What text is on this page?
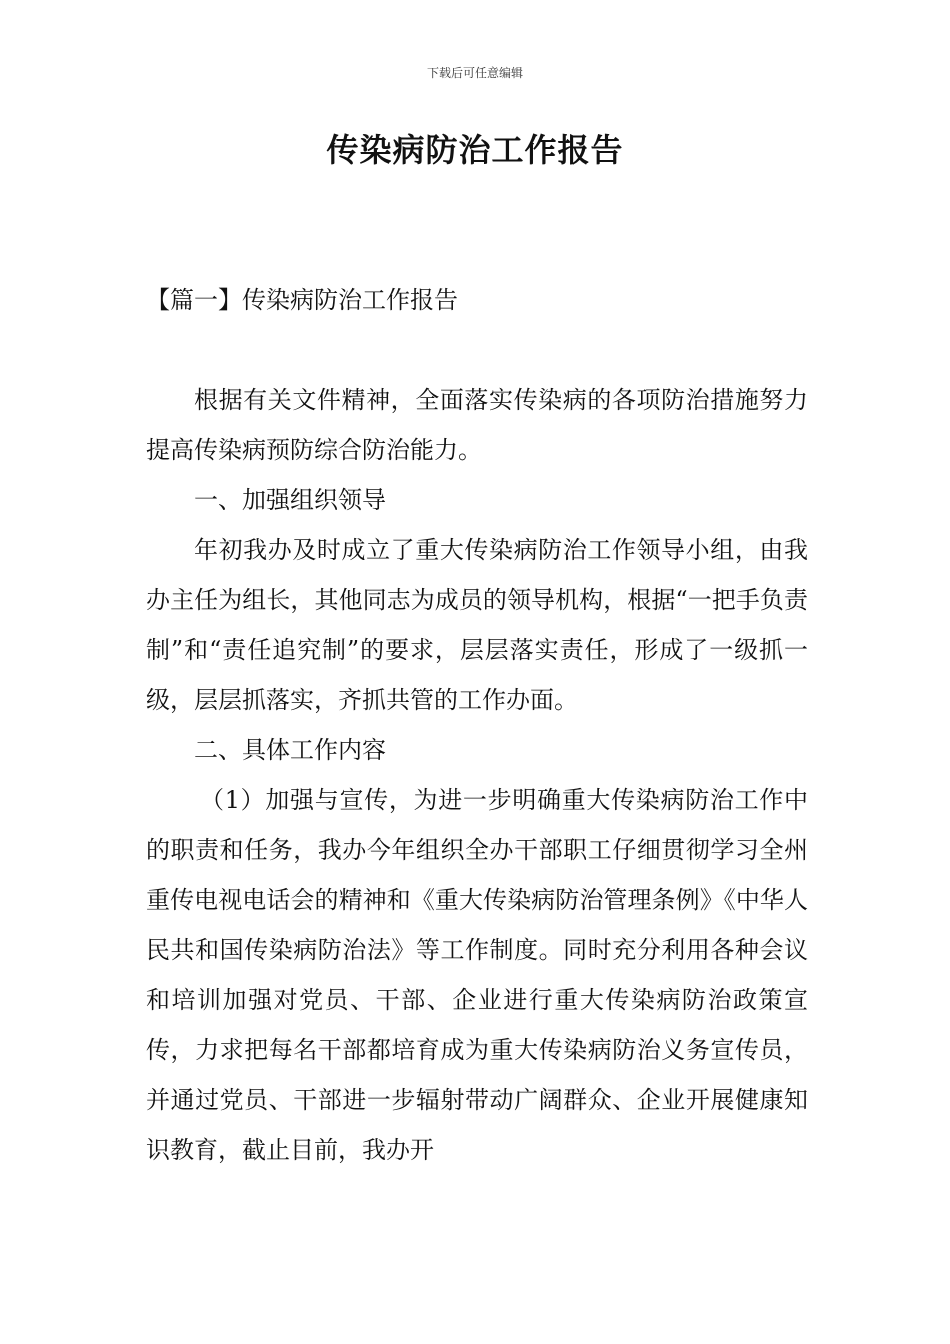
下载后可任意编辑
传染病防治工作报告
【篇一】传染病防治工作报告

根据有关文件精神，全面落实传染病的各项防治措施努力提高传染病预防综合防治能力。

一、加强组织领导

年初我办及时成立了重大传染病防治工作领导小组，由我办主任为组长，其他同志为成员的领导机构，根据“一把手负责制”和“责任追究制”的要求，层层落实责任，形成了一级抓一级，层层抓落实，齐抓共管的工作办面。

二、具体工作内容

（1）加强与宣传，为进一步明确重大传染病防治工作中的职责和任务，我办今年组织全办干部职工仔细贯彻学习全州重传电视电话会的精神和《重大传染病防治管理条例》《中华人民共和国传染病防治法》等工作制度。同时充分利用各种会议和培训加强对党员、干部、企业进行重大传染病防治政策宣传，力求把每名干部都培育成为重大传染病防治义务宣传员，并通过党员、干部进一步辐射带动广阔群众、企业开展健康知识教育，截止目前，我办开
